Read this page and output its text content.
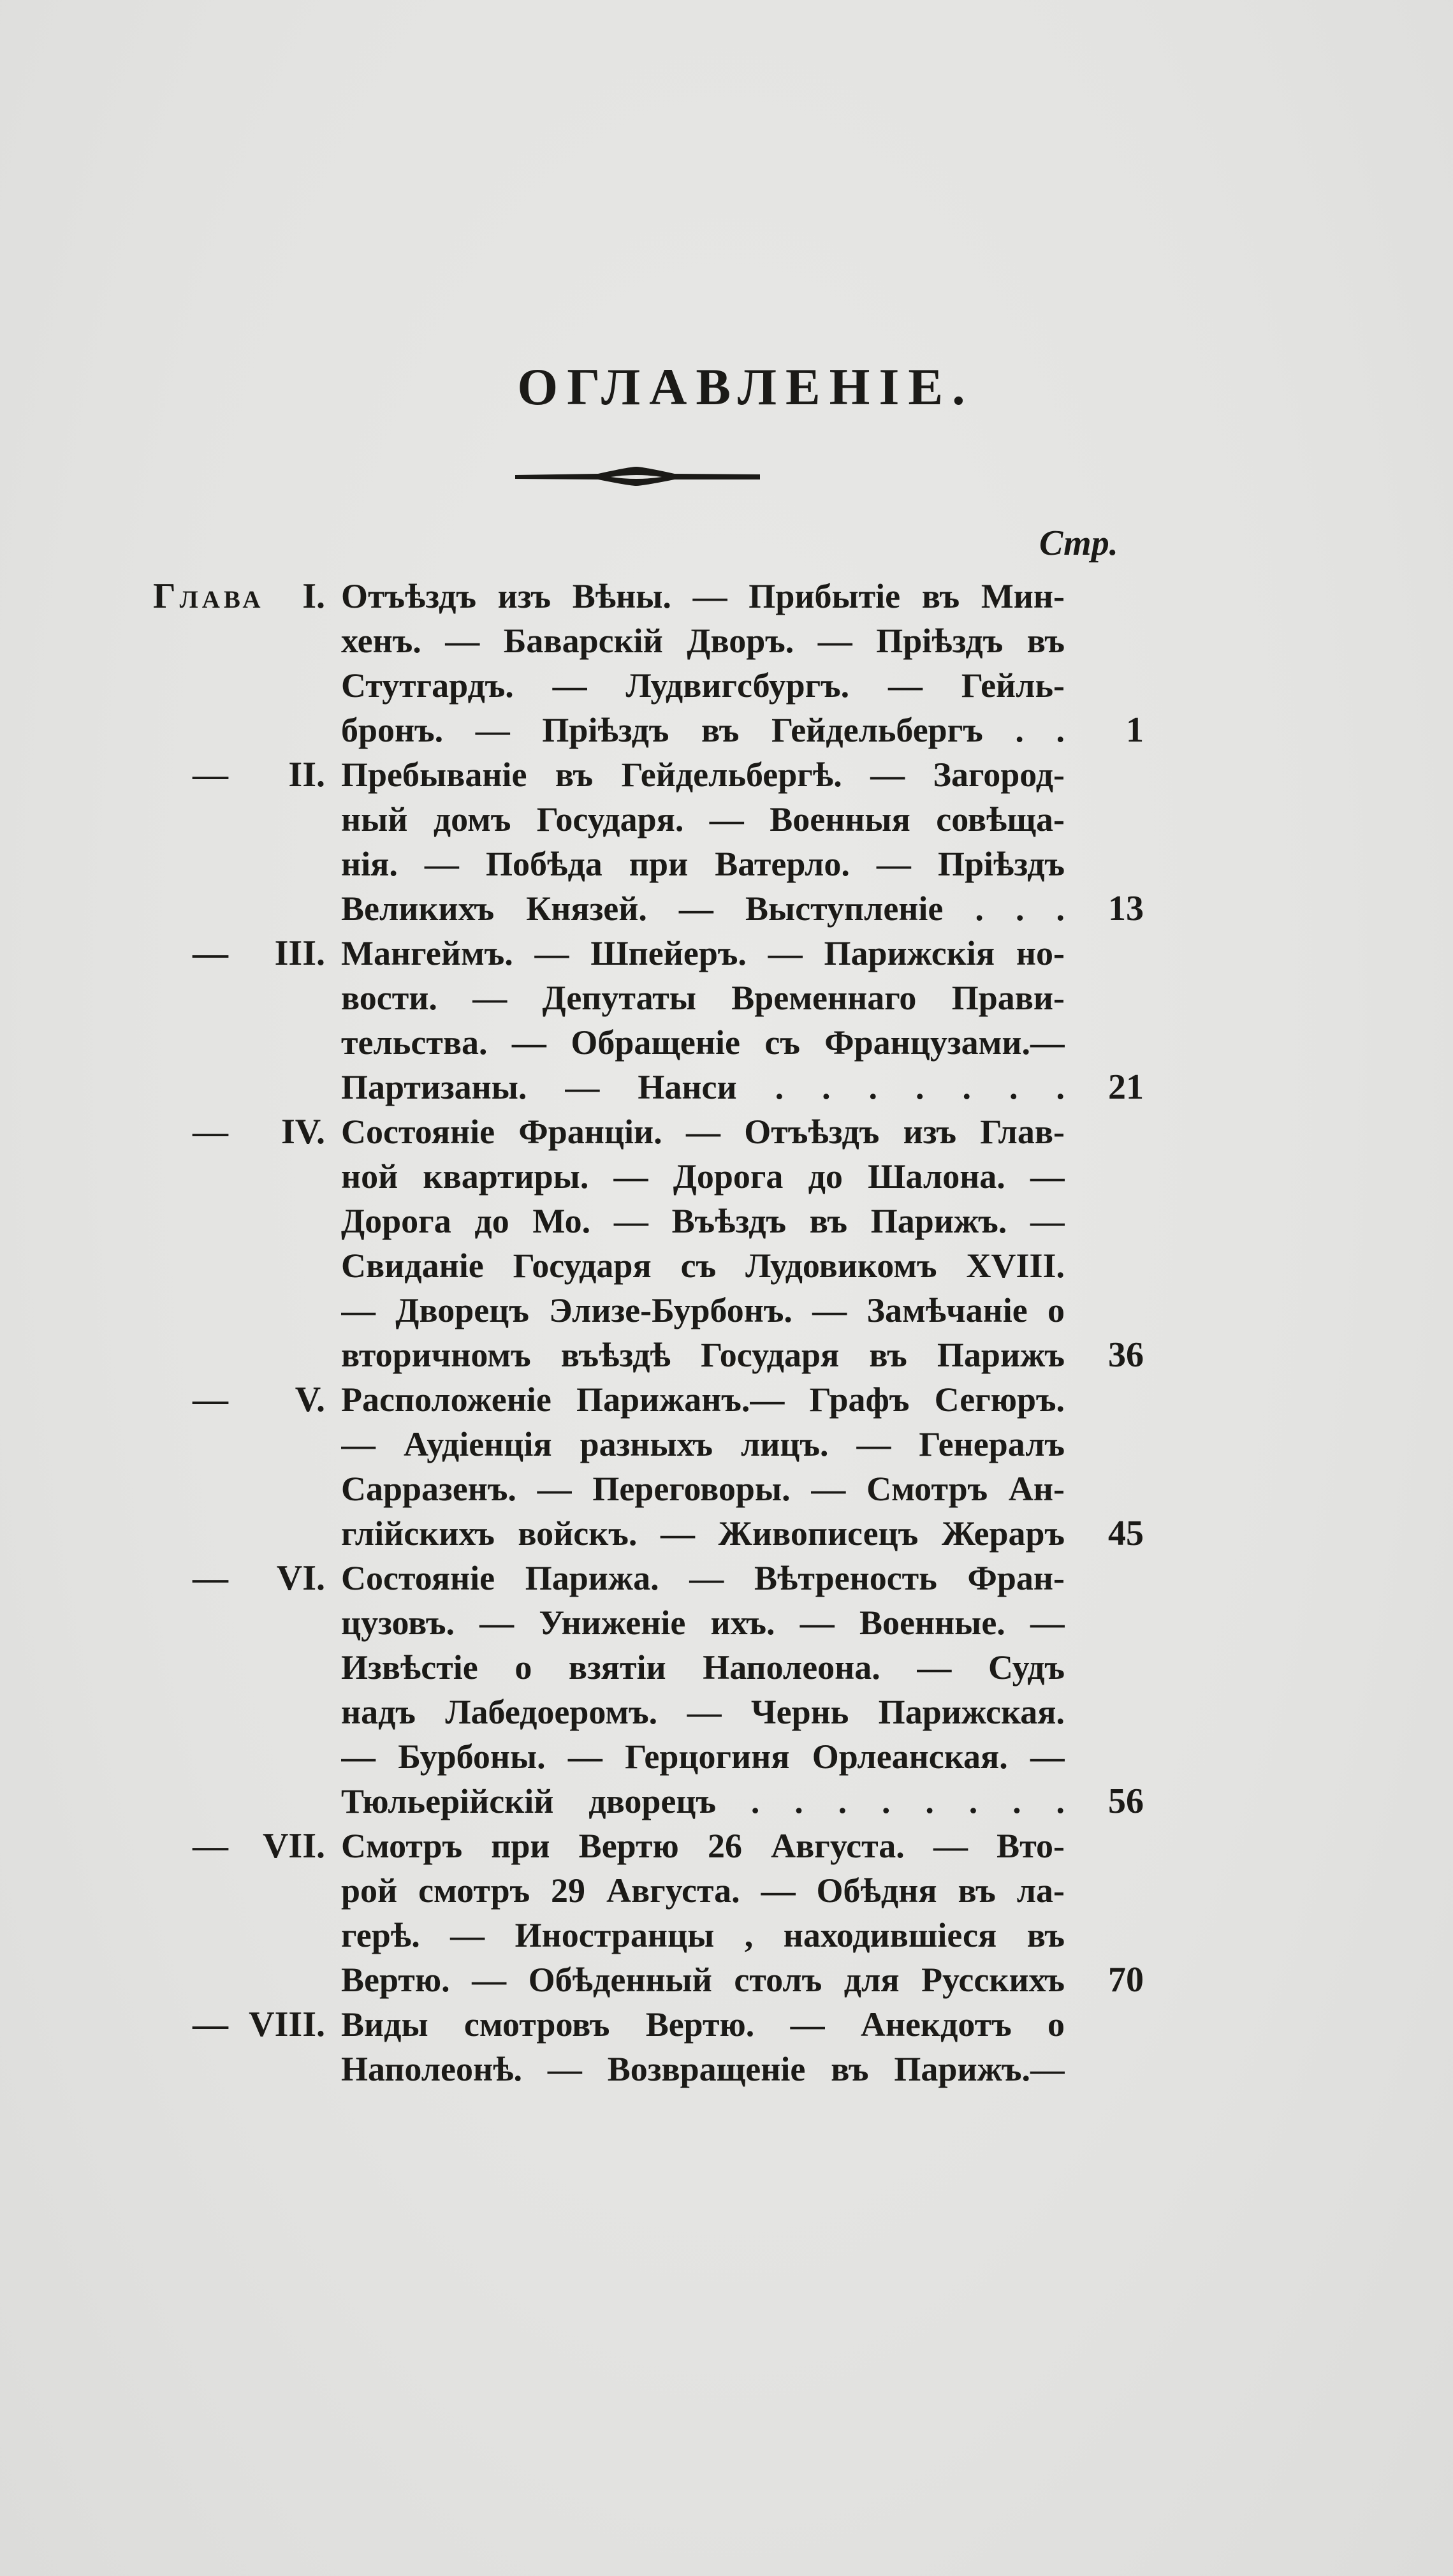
ОГЛАВЛЕНІЕ.
Стр.
Глава I. Отъѣздъ изъ Вѣны. — Прибытіе въ Мин-
хенъ. — Баварскій Дворъ. — Пріѣздъ въ
Стутгардъ. — Лудвигсбургъ. — Гейль-
бронъ. — Пріѣздъ въ Гейдельбергъ . . 1
— II. Пребываніе въ Гейдельбергѣ. — Загород-
ный домъ Государя. — Военныя совѣща-
нія. — Побѣда при Ватерло. — Пріѣздъ
Великихъ Князей. — Выступленіе . . . 13
— III. Мангеймъ. — Шпейеръ. — Парижскія но-
вости. — Депутаты Временнаго Прави-
тельства. — Обращеніе съ Французами.—
Партизаны. — Нанси . . . . . . . 21
— IV. Состояніе Франціи. — Отъѣздъ изъ Глав-
ной квартиры. — Дорога до Шалона. —
Дорога до Мо. — Въѣздъ въ Парижъ. —
Свиданіе Государя съ Лудовикомъ XVIII.
— Дворецъ Элизе-Бурбонъ. — Замѣчаніе о
вторичномъ въѣздѣ Государя въ Парижъ 36
— V. Расположеніе Парижанъ.— Графъ Сегюръ.
— Аудіенція разныхъ лицъ. — Генералъ
Сарразенъ. — Переговоры. — Смотръ Ан-
глійскихъ войскъ. — Живописецъ Жераръ 45
— VI. Состояніе Парижа. — Вѣтреность Фран-
цузовъ. — Униженіе ихъ. — Военные. —
Извѣстіе о взятіи Наполеона. — Судъ
надъ Лабедоеромъ. — Чернь Парижская.
— Бурбоны. — Герцогиня Орлеанская. —
Тюльерійскій дворецъ . . . . . . . . 56
— VII. Смотръ при Вертю 26 Августа. — Вто-
рой смотръ 29 Августа. — Обѣдня въ ла-
герѣ. — Иностранцы , находившіеся въ
Вертю. — Обѣденный столъ для Русскихъ 70
— VIII. Виды смотровъ Вертю. — Анекдотъ о
Наполеонѣ. — Возвращеніе въ Парижъ.—
